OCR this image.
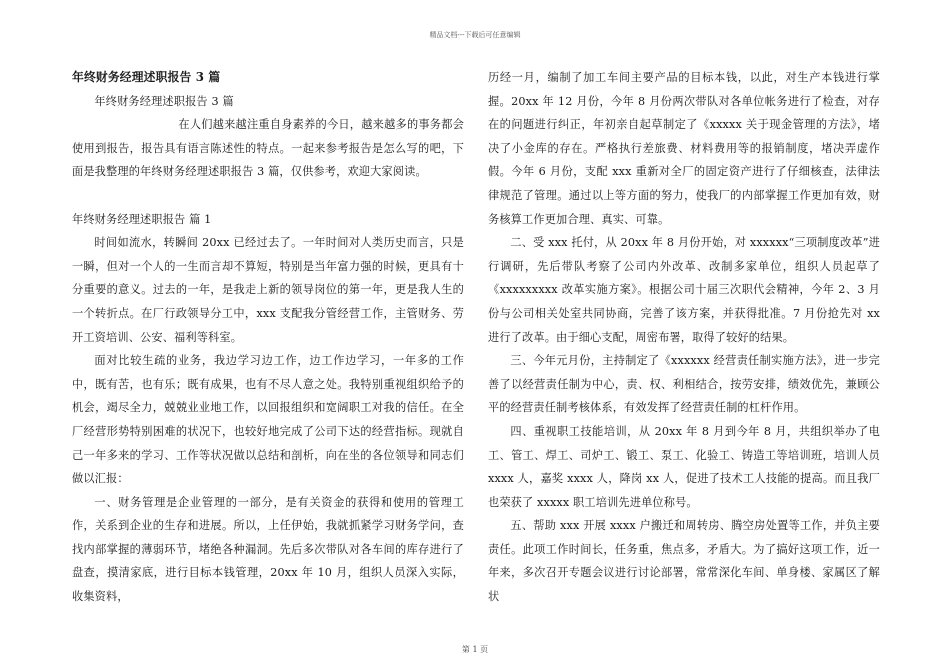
精品文档---下载后可任意编辑

年终财务经理述职报告 3 篇

年终财务经理述职报告 3 篇

在人们越来越注重自身素养的今日，越来越多的事务都会使用到报告，报告具有语言陈述性的特点。一起来参考报告是怎么写的吧，下面是我整理的年终财务经理述职报告 3 篇，仅供参考，欢迎大家阅读。

年终财务经理述职报告 篇 1

时间如流水，转瞬间 20xx 已经过去了。一年时间对人类历史而言，只是一瞬，但对一个人的一生而言却不算短，特别是当年富力强的时候，更具有十分重要的意义。过去的一年，是我走上新的领导岗位的第一年，更是我人生的一个转折点。在厂行政领导分工中，xxx 支配我分管经营工作，主管财务、劳开工资培训、公安、福利等科室。

面对比较生疏的业务，我边学习边工作，边工作边学习，一年多的工作中，既有苦，也有乐；既有成果，也有不尽人意之处。我特别重视组织给予的机会，竭尽全力，兢兢业业地工作，以回报组织和宽阔职工对我的信任。在全厂经营形势特别困难的状况下，也较好地完成了公司下达的经营指标。现就自己一年多来的学习、工作等状况做以总结和剖析，向在坐的各位领导和同志们做以汇报：

一、财务管理是企业管理的一部分，是有关资金的获得和使用的管理工作，关系到企业的生存和进展。所以，上任伊始，我就抓紧学习财务学问，查找内部掌握的薄弱环节，堵绝各种漏洞。先后多次带队对各车间的库存进行了盘查，摸清家底，进行目标本钱管理，20xx 年 10 月，组织人员深入实际，收集资料，

历经一月，编制了加工车间主要产品的目标本钱，以此，对生产本钱进行掌握。20xx 年 12 月份，今年 8 月份两次带队对各单位帐务进行了检查，对存在的问题进行纠正，年初亲自起草制定了《xxxxx 关于现金管理的方法》，堵决了小金库的存在。严格执行差旅费、材料费用等的报销制度，堵决弄虚作假。今年 6 月份，支配 xxx 重新对全厂的固定资产进行了仔细核查，法律法律规范了管理。通过以上等方面的努力，使我厂的内部掌握工作更加有效，财务核算工作更加合理、真实、可靠。

二、受 xxx 托付，从 20xx 年 8 月份开始，对 xxxxxx“三项制度改革”进行调研，先后带队考察了公司内外改革、改制多家单位，组织人员起草了《xxxxxxxxx 改革实施方案》。根据公司十届三次职代会精神，今年 2、3 月份与公司相关处室共同协商，完善了该方案，并获得批准。7 月份抢先对 xx 进行了改革。由于细心支配，周密布署，取得了较好的结果。

三、今年元月份，主持制定了《xxxxxx 经营责任制实施方法》，进一步完善了以经营责任制为中心，责、权、利相结合，按劳安排，绩效优先，兼顾公平的经营责任制考核体系，有效发挥了经营责任制的杠杆作用。

四、重视职工技能培训，从 20xx 年 8 月到今年 8 月，共组织举办了电工、管工、焊工、司炉工、锻工、泵工、化验工、铸造工等培训班，培训人员 xxxx 人，嘉奖 xxxx 人，降岗 xx 人，促进了技术工人技能的提高。而且我厂也荣获了 xxxxx 职工培训先进单位称号。

五、帮助 xxx 开展 xxxx 户搬迁和周转房、腾空房处置等工作，并负主要责任。此项工作时间长，任务重，焦点多，矛盾大。为了搞好这项工作，近一年来，多次召开专题会议进行讨论部署，常常深化车间、单身楼、家属区了解状

第 1 页
